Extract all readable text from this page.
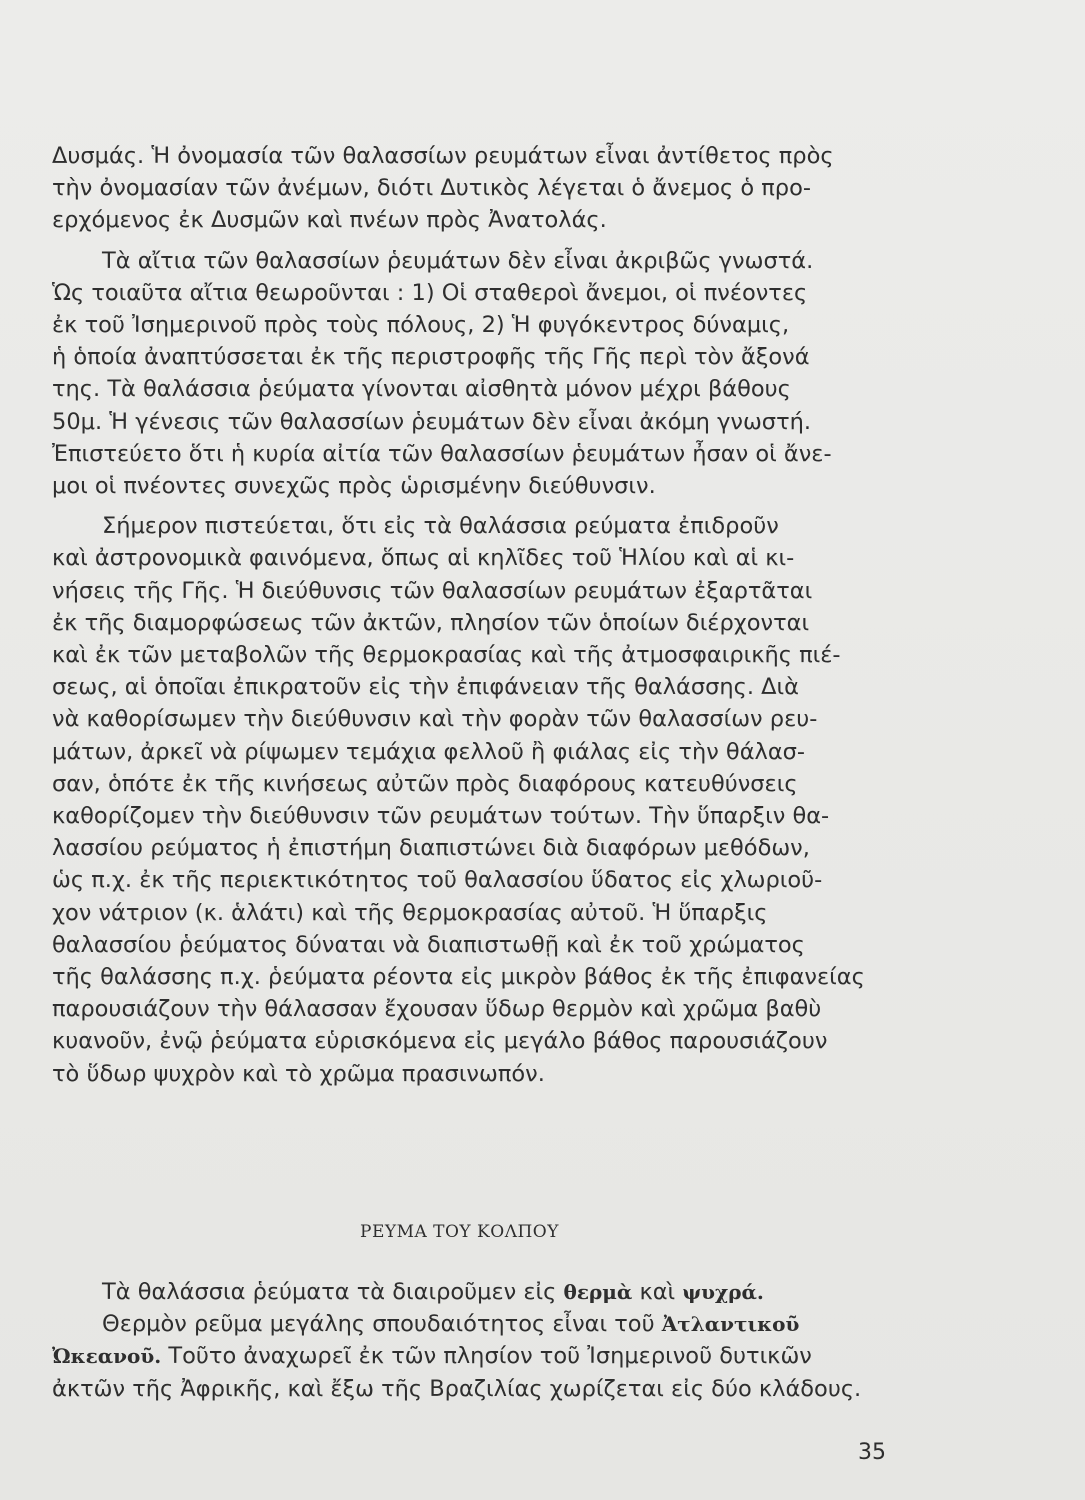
Δυσμάς. Ἡ ὀνομασία τῶν θαλασσίων ρευμάτων εἶναι ἀντίθετος πρὸς
τὴν ὀνομασίαν τῶν ἀνέμων, διότι Δυτικὸς λέγεται ὁ ἄνεμος ὁ προ-
ερχόμενος ἐκ Δυσμῶν καὶ πνέων πρὸς Ἀνατολάς.

Τὰ αἴτια τῶν θαλασσίων ῥευμάτων δὲν εἶναι ἀκριβῶς γνωστά.
Ὡς τοιαῦτα αἴτια θεωροῦνται : 1) Οἱ σταθεροὶ ἄνεμοι, οἱ πνέοντες
ἐκ τοῦ Ἰσημερινοῦ πρὸς τοὺς πόλους, 2) Ἡ φυγόκεντρος δύναμις,
ἡ ὁποία ἀναπτύσσεται ἐκ τῆς περιστροφῆς τῆς Γῆς περὶ τὸν ἄξονά
της. Τὰ θαλάσσια ῥεύματα γίνονται αἰσθητὰ μόνον μέχρι βάθους
50μ. Ἡ γένεσις τῶν θαλασσίων ῥευμάτων δὲν εἶναι ἀκόμη γνωστή.
Ἐπιστεύετο ὅτι ἡ κυρία αἰτία τῶν θαλασσίων ῥευμάτων ἦσαν οἱ ἄνε-
μοι οἱ πνέοντες συνεχῶς πρὸς ὡρισμένην διεύθυνσιν.

Σήμερον πιστεύεται, ὅτι εἰς τὰ θαλάσσια ρεύματα ἐπιδροῦν
καὶ ἀστρονομικὰ φαινόμενα, ὅπως αἱ κηλῖδες τοῦ Ἡλίου καὶ αἱ κι-
νήσεις τῆς Γῆς. Ἡ διεύθυνσις τῶν θαλασσίων ρευμάτων ἐξαρτᾶται
ἐκ τῆς διαμορφώσεως τῶν ἀκτῶν, πλησίον τῶν ὁποίων διέρχονται
καὶ ἐκ τῶν μεταβολῶν τῆς θερμοκρασίας καὶ τῆς ἀτμοσφαιρικῆς πιέ-
σεως, αἱ ὁποῖαι ἐπικρατοῦν εἰς τὴν ἐπιφάνειαν τῆς θαλάσσης. Διὰ
νὰ καθορίσωμεν τὴν διεύθυνσιν καὶ τὴν φορὰν τῶν θαλασσίων ρευ-
μάτων, ἀρκεῖ νὰ ρίψωμεν τεμάχια φελλοῦ ἢ φιάλας εἰς τὴν θάλασ-
σαν, ὁπότε ἐκ τῆς κινήσεως αὐτῶν πρὸς διαφόρους κατευθύνσεις
καθορίζομεν τὴν διεύθυνσιν τῶν ρευμάτων τούτων. Τὴν ὕπαρξιν θα-
λασσίου ρεύματος ἡ ἐπιστήμη διαπιστώνει διὰ διαφόρων μεθόδων,
ὡς π.χ. ἐκ τῆς περιεκτικότητος τοῦ θαλασσίου ὕδατος εἰς χλωριοῦ-
χον νάτριον (κ. ἁλάτι) καὶ τῆς θερμοκρασίας αὐτοῦ. Ἡ ὕπαρξις
θαλασσίου ῥεύματος δύναται νὰ διαπιστωθῇ καὶ ἐκ τοῦ χρώματος
τῆς θαλάσσης π.χ. ῥεύματα ρέοντα εἰς μικρὸν βάθος ἐκ τῆς ἐπιφανείας
παρουσιάζουν τὴν θάλασσαν ἔχουσαν ὕδωρ θερμὸν καὶ χρῶμα βαθὺ
κυανοῦν, ἐνῷ ῥεύματα εὑρισκόμενα εἰς μεγάλο βάθος παρουσιάζουν
τὸ ὕδωρ ψυχρὸν καὶ τὸ χρῶμα πρασινωπόν.

ΡΕΥΜΑ ΤΟΥ ΚΟΛΠΟΥ

Τὰ θαλάσσια ῥεύματα τὰ διαιροῦμεν εἰς θερμὰ καὶ ψυχρά.

Θερμὸν ρεῦμα μεγάλης σπουδαιότητος εἶναι τοῦ Ἀτλαντικοῦ
Ὠκεανοῦ. Τοῦτο ἀναχωρεῖ ἐκ τῶν πλησίον τοῦ Ἰσημερινοῦ δυτικῶν
ἀκτῶν τῆς Ἀφρικῆς, καὶ ἔξω τῆς Βραζιλίας χωρίζεται εἰς δύο κλάδους.

35
